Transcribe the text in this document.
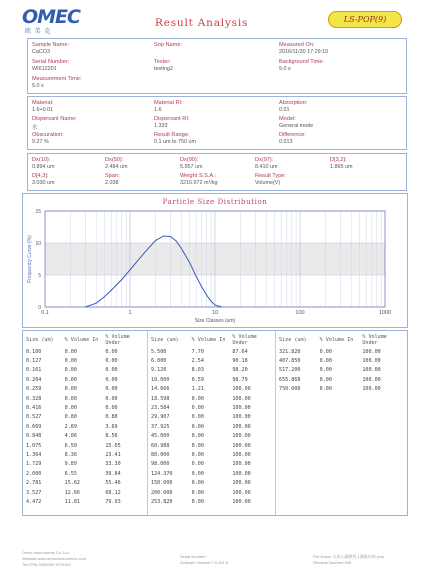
OMEC
欧 美 克
Result Analysis	LS-POP(9)
Sample Name:
CaCO3
Sop Name:	Measured On:
2016/11/30 17:29:10
Serial Number:
WI612201
Tester:
testing2
Background Time:
5.0 s
Measurement Time:
5.0 s
Material:
1.6+0.01
Material RI:
1.6
Absorption:
0.01
Dispersant Name:
水
Dispersant RI:
1.333
Model:
General mode
Obscuration:
9.27 %
Result Range:
0.1 um to 750 um
Difference:
0.013
Dx(10):
0.894 um
Dx(50):
2.484 um
Dx(90):
5.957 um
Dx(97):
8.410 um
D[3,2]:
1.865 um
D[4,3]:
3.030 um
Span:
2.038
Weight S.S.A.:
3216.972 m²/kg
Result Type:
Volume(V)
0
5
10
15
0.1	1	10	100	1000
Particle Size Distribution
Size Classes (um)
Frequency Curve (%)
Size (um)	% Volume In	% Volume Under
0.100	0.00	0.00
0.127	0.00	0.00
0.161	0.00	0.00
0.204	0.00	0.00
0.259	0.00	0.00
0.328	0.00	0.00
0.416	0.00	0.00
0.527	0.80	0.80
0.669	2.89	3.69
0.848	4.86	8.56
1.075	6.50	15.05
1.364	8.36	23.41
1.729	9.89	33.30
2.000	6.55	39.84
2.781	15.62	55.46
3.527	12.66	68.12
4.472	11.81	79.93
Size (um)	% Volume In	% Volume Under
5.500	7.70	87.64
6.000	2.54	90.18
9.120	8.03	98.20
10.000	0.59	98.79
14.666	1.21	100.00
18.598	0.00	100.00
23.584	0.00	100.00
29.907	0.00	100.00
37.925	0.00	100.00
45.000	0.00	100.00
60.988	0.00	100.00
80.000	0.00	100.00
98.000	0.00	100.00
124.370	0.00	100.00
150.000	0.00	100.00
200.000	0.00	100.00
253.820	0.00	100.00
Size (um)	% Volume In	% Volume Under
321.820	0.00	100.00
407.850	0.00	100.00
517.200	0.00	100.00
655.868	0.00	100.00
750.000	0.00	100.00
Omec Instruments Co.,Ltd.
Website:www.omecinstruments.com
Tel:0756-3383999 3375163
Serial Number:
Software Version:7.0.261.9
File Name:水质元碳酸钙-1测量结果.pdw
Records Number:465
